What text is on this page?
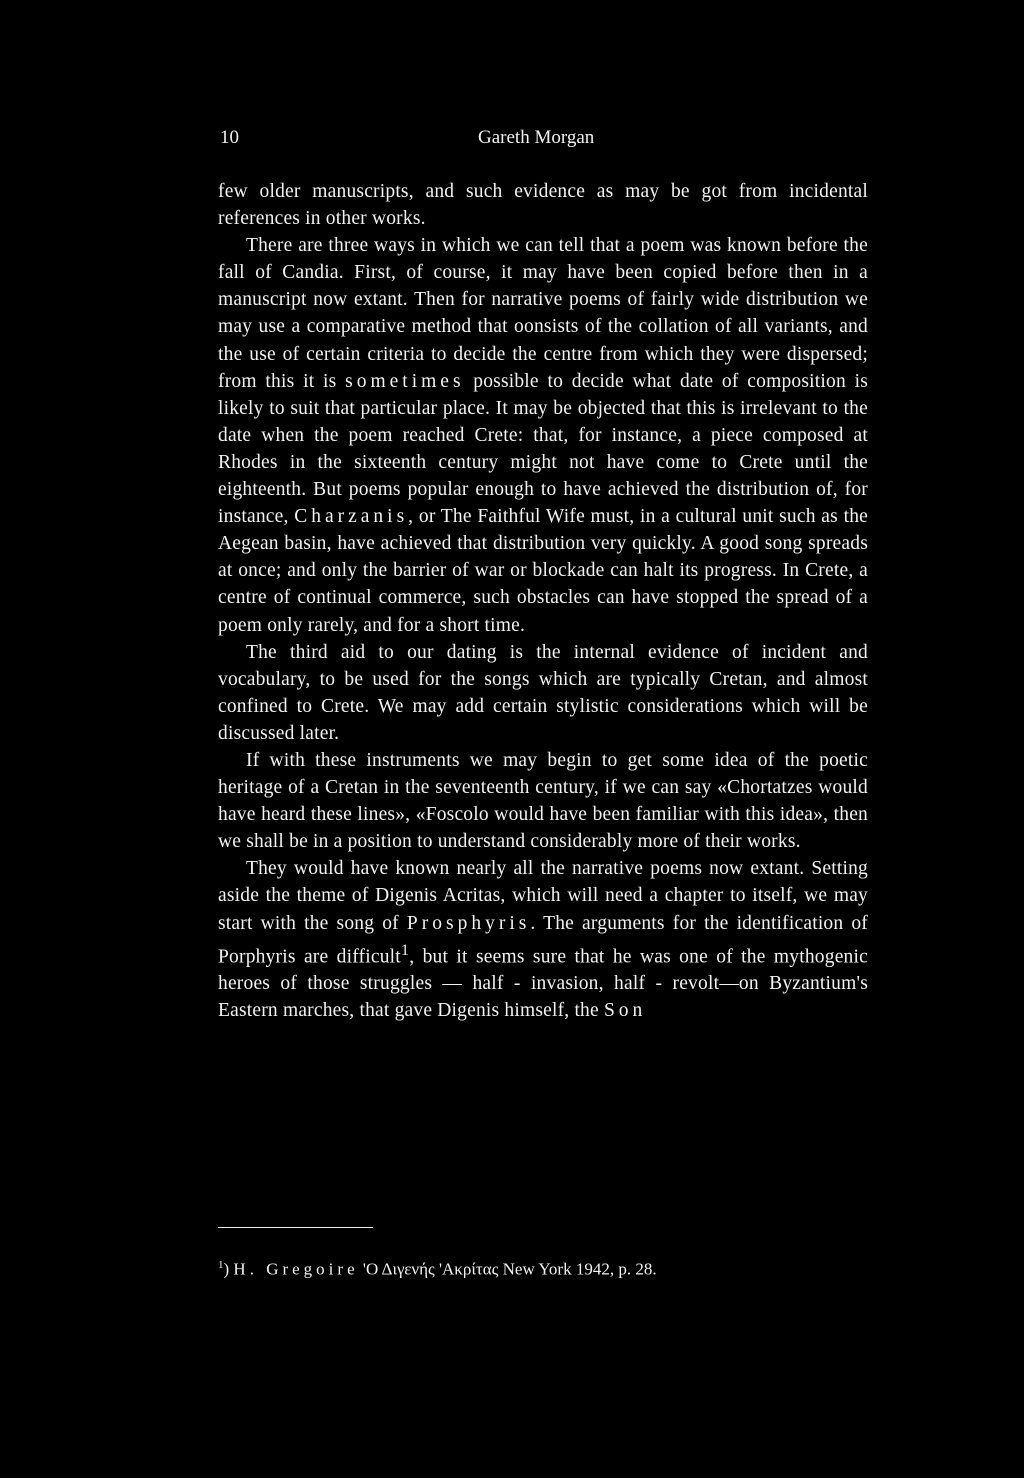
10	Gareth Morgan

few older manuscripts, and such evidence as may be got from incidental references in other works.

There are three ways in which we can tell that a poem was known before the fall of Candia. First, of course, it may have been copied before then in a manuscript now extant. Then for narrative poems of fairly wide distribution we may use a comparative method that oonsists of the collation of all variants, and the use of certain criteria to decide the centre from which they were dispersed; from this it is sometimes possible to decide what date of composition is likely to suit that particular place. It may be objected that this is irrelevant to the date when the poem reached Crete: that, for instance, a piece composed at Rhodes in the sixteenth century might not have come to Crete until the eighteenth. But poems popular enough to have achieved the distribution of, for instance, Charzanis, or The Faithful Wife must, in a cultural unit such as the Aegean basin, have achieved that distribution very quickly. A good song spreads at once; and only the barrier of war or blockade can halt its progress. In Crete, a centre of continual commerce, such obstacles can have stopped the spread of a poem only rarely, and for a short time.

The third aid to our dating is the internal evidence of incident and vocabulary, to be used for the songs which are typically Cretan, and almost confined to Crete. We may add certain stylistic considerations which will be discussed later.

If with these instruments we may begin to get some idea of the poetic heritage of a Cretan in the seventeenth century, if we can say «Chortatzes would have heard these lines», «Foscolo would have been familiar with this idea», then we shall be in a position to understand considerably more of their works.

They would have known nearly all the narrative poems now extant. Setting aside the theme of Digenis Acritas, which will need a chapter to itself, we may start with the song of Prosphyris. The arguments for the identification of Porphyris are difficult$^1$, but it seems sure that he was one of the mythogenic heroes of those struggles — half - invasion, half - revolt—on Byzantium's Eastern marches, that gave Digenis himself, the Son

$^1$) H. Gregoire 'Ο Διγενής 'Ακρίτας New York 1942, p. 28.
